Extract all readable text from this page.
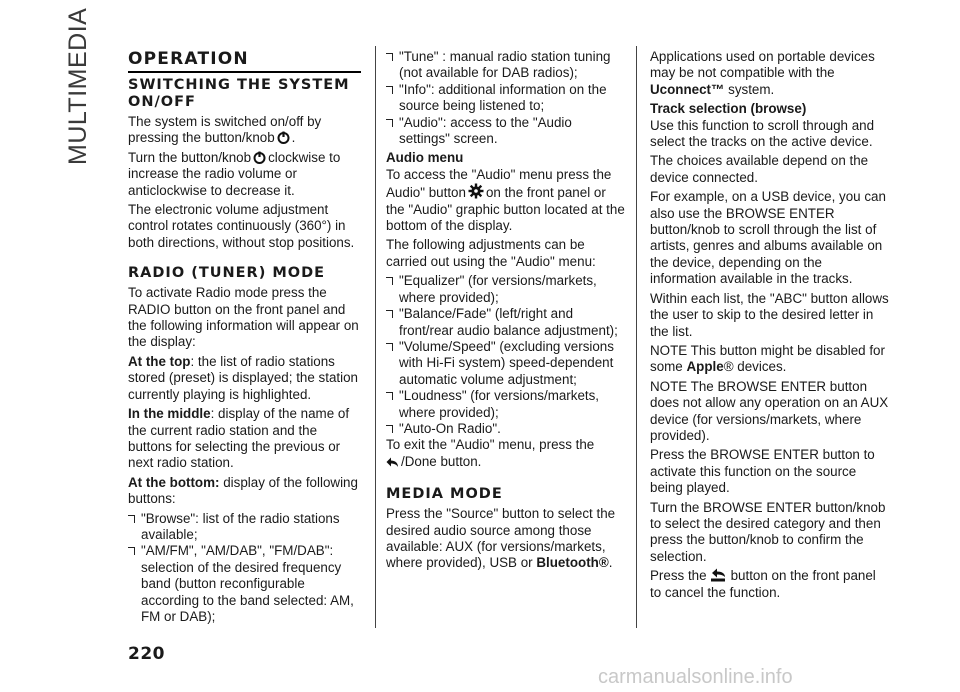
MULTIMEDIA OPERATION
SWITCHING THE SYSTEM ON/OFF

The system is switched on/off by pressing the button/knob .

Turn the button/knob clockwise to increase the radio volume or anticlockwise to decrease it.

The electronic volume adjustment control rotates continuously (360°) in both directions, without stop positions.

RADIO (TUNER) MODE

To activate Radio mode press the RADIO button on the front panel and the following information will appear on the display:

At the top: the list of radio stations stored (preset) is displayed; the station currently playing is highlighted.

In the middle: display of the name of the current radio station and the buttons for selecting the previous or next radio station.

At the bottom: display of the following buttons:

"Browse": list of the radio stations available;
"AM/FM", "AM/DAB", "FM/DAB": selection of the desired frequency band (button reconfigurable according to the band selected: AM, FM or DAB);
"Tune" : manual radio station tuning (not available for DAB radios);
"Info": additional information on the source being listened to;
"Audio": access to the "Audio settings" screen.
Audio menu

To access the "Audio" menu press the Audio" button on the front panel or the "Audio" graphic button located at the bottom of the display.

The following adjustments can be carried out using the "Audio" menu:

"Equalizer" (for versions/markets, where provided);
"Balance/Fade" (left/right and front/rear audio balance adjustment);
"Volume/Speed" (excluding versions with Hi-Fi system) speed-dependent automatic volume adjustment;
"Loudness" (for versions/markets, where provided);
"Auto-On Radio".

To exit the "Audio" menu, press the
/Done button.

MEDIA MODE

Press the "Source" button to select the desired audio source among those available: AUX (for versions/markets, where provided), USB or Bluetooth®.

Applications used on portable devices may be not compatible with the
Uconnect™ system.

Track selection (browse)

Use this function to scroll through and select the tracks on the active device.

The choices available depend on the device connected.

For example, on a USB device, you can also use the BROWSE ENTER button/knob to scroll through the list of artists, genres and albums available on the device, depending on the information available in the tracks.

Within each list, the "ABC" button allows the user to skip to the desired letter in the list.

NOTE This button might be disabled for some Apple® devices.

NOTE The BROWSE ENTER button does not allow any operation on an AUX device (for versions/markets, where provided).

Press the BROWSE ENTER button to activate this function on the source being played.

Turn the BROWSE ENTER button/knob to select the desired category and then press the button/knob to confirm the selection.

Press the button on the front panel to cancel the function.

220
carmanualsonline.info
